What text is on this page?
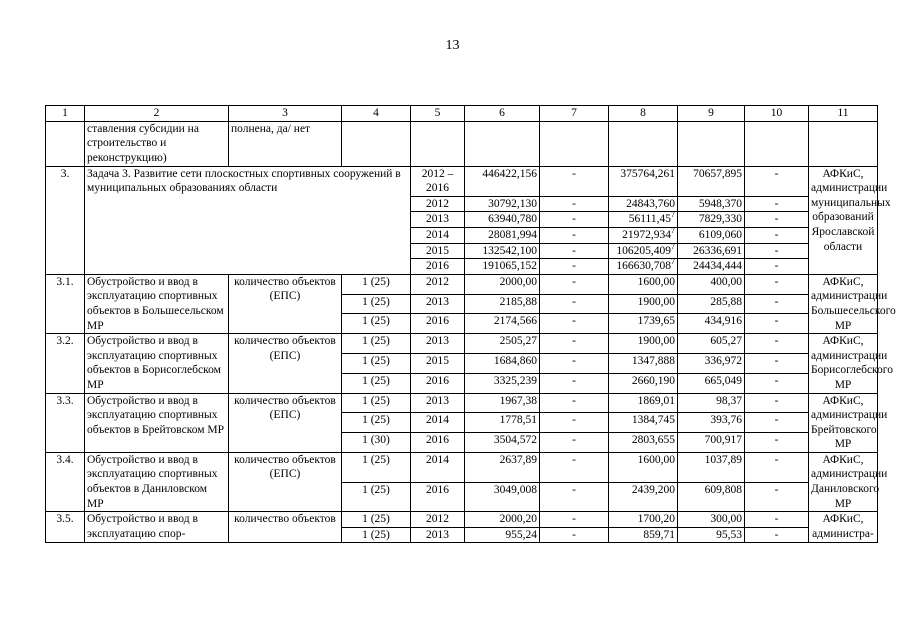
13
1	2	3	4	5	6	7	8	9	10	11
	ставления субсидии на строительство и реконструкцию)	полнена, да/ нет								
3.	Задача 3. Развитие сети плоскостных спортивных сооружений в муниципальных образованиях области			2012 – 2016	446422,156	-	375764,261	70657,895	-	АФКиС, администрации муниципальных образований Ярославской области
				2012	30792,130	-	24843,760	5948,370	-	
				2013	63940,780	-	56111,45$^7$	7829,330	-	
				2014	28081,994	-	21972,934$^7$	6109,060	-	
				2015	132542,100	-	106205,409$^7$	26336,691	-	
				2016	191065,152	-	166630,708$^7$	24434,444	-	
3.1.	Обустройство и ввод в эксплуатацию спортивных объектов в Большесельском МР	количество объектов (ЕПС)	1 (25)	2012	2000,00	-	1600,00	400,00	-	АФКиС, администрации Большесельского МР
			1 (25)	2013	2185,88	-	1900,00	285,88	-	
			1 (25)	2016	2174,566	-	1739,65	434,916	-	
3.2.	Обустройство и ввод в эксплуатацию спортивных объектов в Борисоглебском МР	количество объектов (ЕПС)	1 (25)	2013	2505,27	-	1900,00	605,27	-	АФКиС, администрации Борисоглебского МР
			1 (25)	2015	1684,860	-	1347,888	336,972	-	
			1 (25)	2016	3325,239	-	2660,190	665,049	-	
3.3.	Обустройство и ввод в эксплуатацию спортивных объектов в Брейтовском МР	количество объектов (ЕПС)	1 (25)	2013	1967,38	-	1869,01	98,37	-	АФКиС, администрации Брейтовского МР
			1 (25)	2014	1778,51	-	1384,745	393,76	-	
			1 (30)	2016	3504,572	-	2803,655	700,917	-	
3.4.	Обустройство и ввод в эксплуатацию спортивных объектов в Даниловском МР	количество объектов (ЕПС)	1 (25)	2014	2637,89	-	1600,00	1037,89	-	АФКиС, администрации Даниловского МР
			1 (25)	2016	3049,008	-	2439,200	609,808	-	
3.5.	Обустройство и ввод в эксплуатацию спор-	количество объектов	1 (25)	2012	2000,20	-	1700,20	300,00	-	АФКиС, администра-
			1 (25)	2013	955,24	-	859,71	95,53	-	
